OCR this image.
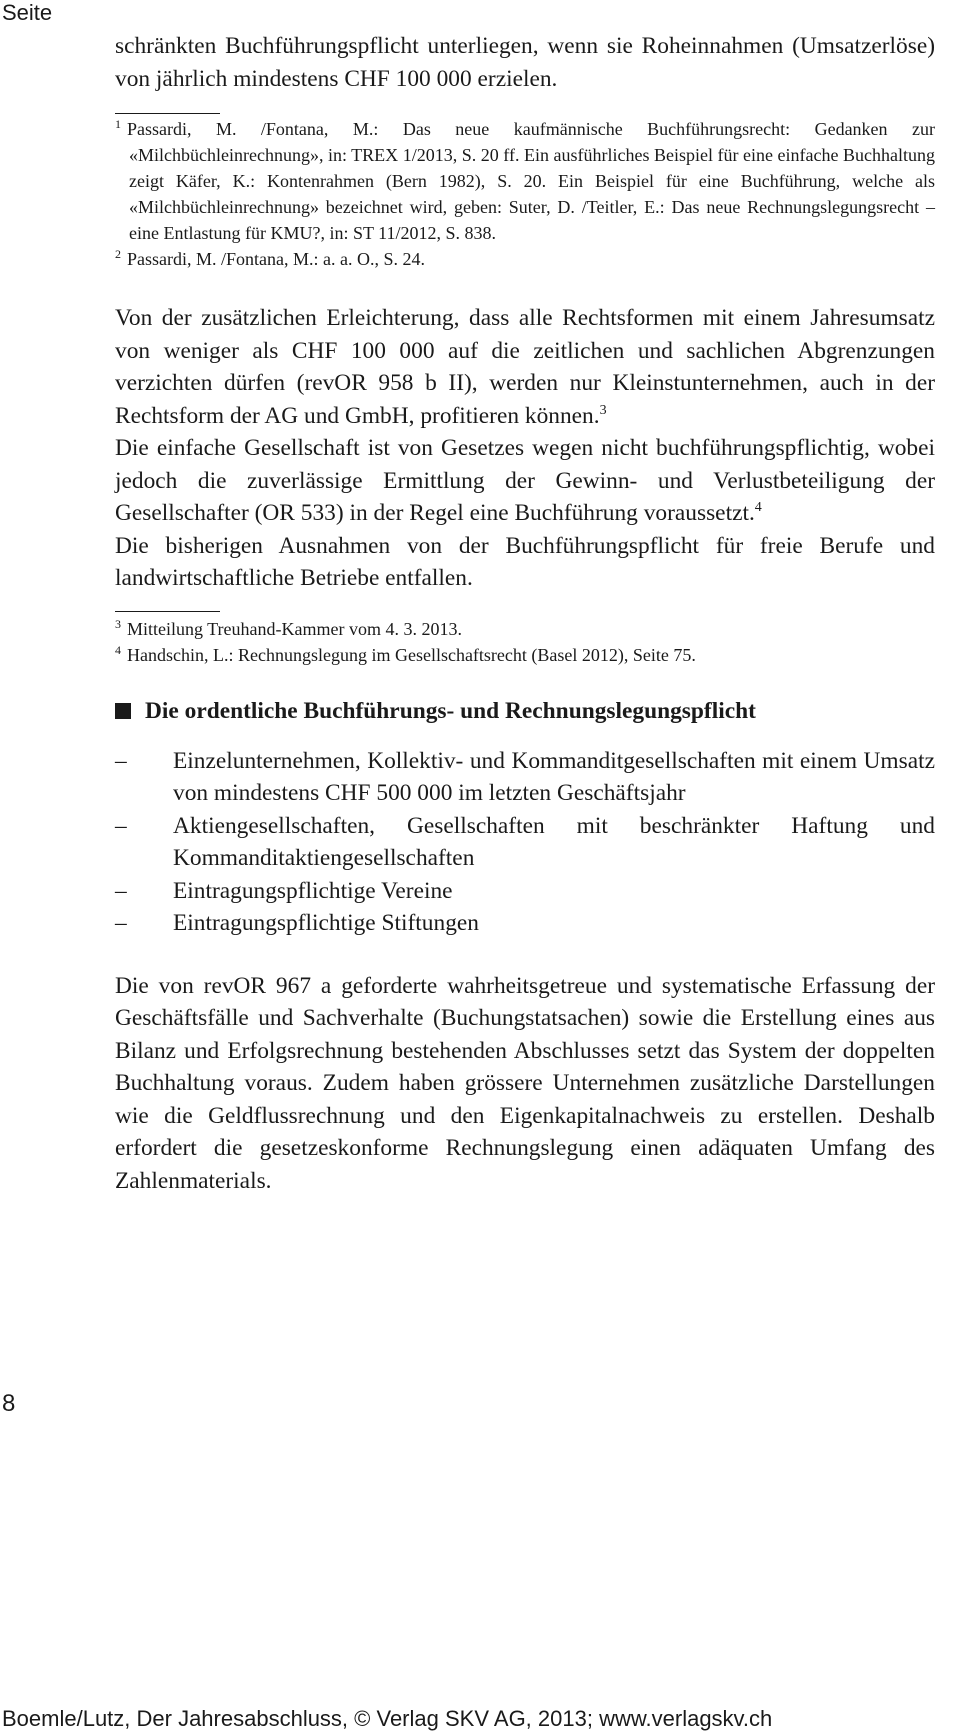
Seite

schränkten Buchführungspflicht unterliegen, wenn sie Roheinnahmen (Umsatzerlöse) von jährlich mindestens CHF 100 000 erzielen.

$^1$ Passardi, M. /Fontana, M.: Das neue kaufmännische Buchführungsrecht: Gedanken zur «Milchbüchleinrechnung», in: TREX 1/2013, S. 20 ff. Ein ausführliches Beispiel für eine einfache Buchhaltung zeigt Käfer, K.: Kontenrahmen (Bern 1982), S. 20. Ein Beispiel für eine Buchführung, welche als «Milchbüchleinrechnung» bezeichnet wird, geben: Suter, D. /Teitler, E.: Das neue Rechnungslegungsrecht – eine Entlastung für KMU?, in: ST 11/2012, S. 838.

$^2$ Passardi, M. /Fontana, M.: a. a. O., S. 24.

Von der zusätzlichen Erleichterung, dass alle Rechtsformen mit einem Jahresumsatz von weniger als CHF 100 000 auf die zeitlichen und sachlichen Abgrenzungen verzichten dürfen (revOR 958 b II), werden nur Kleinstunternehmen, auch in der Rechtsform der AG und GmbH, profitieren können.$^3$

Die einfache Gesellschaft ist von Gesetzes wegen nicht buchführungspflichtig, wobei jedoch die zuverlässige Ermittlung der Gewinn- und Verlustbeteiligung der Gesellschafter (OR 533) in der Regel eine Buchführung voraussetzt.$^4$

Die bisherigen Ausnahmen von der Buchführungspflicht für freie Berufe und landwirtschaftliche Betriebe entfallen.

$^3$ Mitteilung Treuhand-Kammer vom 4. 3. 2013.

$^4$ Handschin, L.: Rechnungslegung im Gesellschaftsrecht (Basel 2012), Seite 75.

Die ordentliche Buchführungs- und Rechnungslegungspflicht
– Einzelunternehmen, Kollektiv- und Kommanditgesellschaften mit einem Umsatz von mindestens CHF 500 000 im letzten Geschäftsjahr
– Aktiengesellschaften, Gesellschaften mit beschränkter Haftung und Kommanditaktiengesellschaften
– Eintragungspflichtige Vereine
– Eintragungspflichtige Stiftungen

Die von revOR 967 a geforderte wahrheitsgetreue und systematische Erfassung der Geschäftsfälle und Sachverhalte (Buchungstatsachen) sowie die Erstellung eines aus Bilanz und Erfolgsrechnung bestehenden Abschlusses setzt das System der doppelten Buchhaltung voraus. Zudem haben grössere Unternehmen zusätzliche Darstellungen wie die Geldflussrechnung und den Eigenkapitalnachweis zu erstellen. Deshalb erfordert die gesetzeskonforme Rechnungslegung einen adäquaten Umfang des Zahlenmaterials.

8
Boemle/Lutz, Der Jahresabschluss, © Verlag SKV AG, 2013; www.verlagskv.ch
